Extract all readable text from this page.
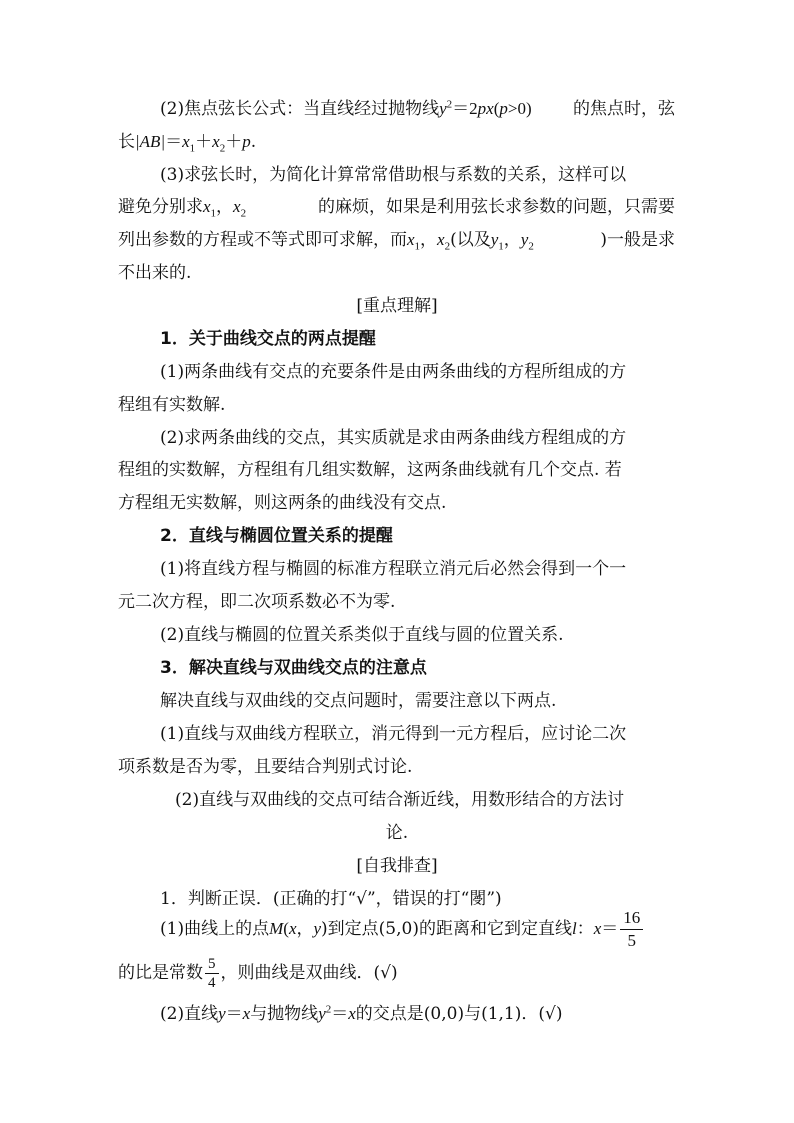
(2)焦点弦长公式：当直线经过抛物线$y^2=2px(p>0)$ 的焦点时，弦
长$|AB|=x_1+x_2+p$.
(3)求弦长时，为简化计算常常借助根与系数的关系，这样可以
避免分别求$x_1$，$x_2$	的麻烦，如果是利用弦长求参数的问题，只需要
列出参数的方程或不等式即可求解，而$x_1$，$x_2$(以及$y_1$，$y_2$	)一般是求
不出来的.
[重点理解]
1．关于曲线交点的两点提醒
(1)两条曲线有交点的充要条件是由两条曲线的方程所组成的方
程组有实数解.
(2)求两条曲线的交点，其实质就是求由两条曲线方程组成的方
程组的实数解，方程组有几组实数解，这两条曲线就有几个交点. 若
方程组无实数解，则这两条的曲线没有交点.
2．直线与椭圆位置关系的提醒
(1)将直线方程与椭圆的标准方程联立消元后必然会得到一个一
元二次方程，即二次项系数必不为零.
(2)直线与椭圆的位置关系类似于直线与圆的位置关系.
3．解决直线与双曲线交点的注意点
解决直线与双曲线的交点问题时，需要注意以下两点.
(1)直线与双曲线方程联立，消元得到一元方程后，应讨论二次
项系数是否为零，且要结合判别式讨论.
(2)直线与双曲线的交点可结合渐近线，用数形结合的方法讨
论.
[自我排查]
1．判断正误．(正确的打“√”，错误的打“閿”)
(1)曲线上的点M(x，y)到定点(5,0)的距离和它到定直线l：$x= \frac{16}{5}$
的比是常数 $\frac{5}{4}$ ，则曲线是双曲线．(√)
(2)直线y＝x与抛物线$y^2=x$的交点是(0,0)与(1,1)．(√)
